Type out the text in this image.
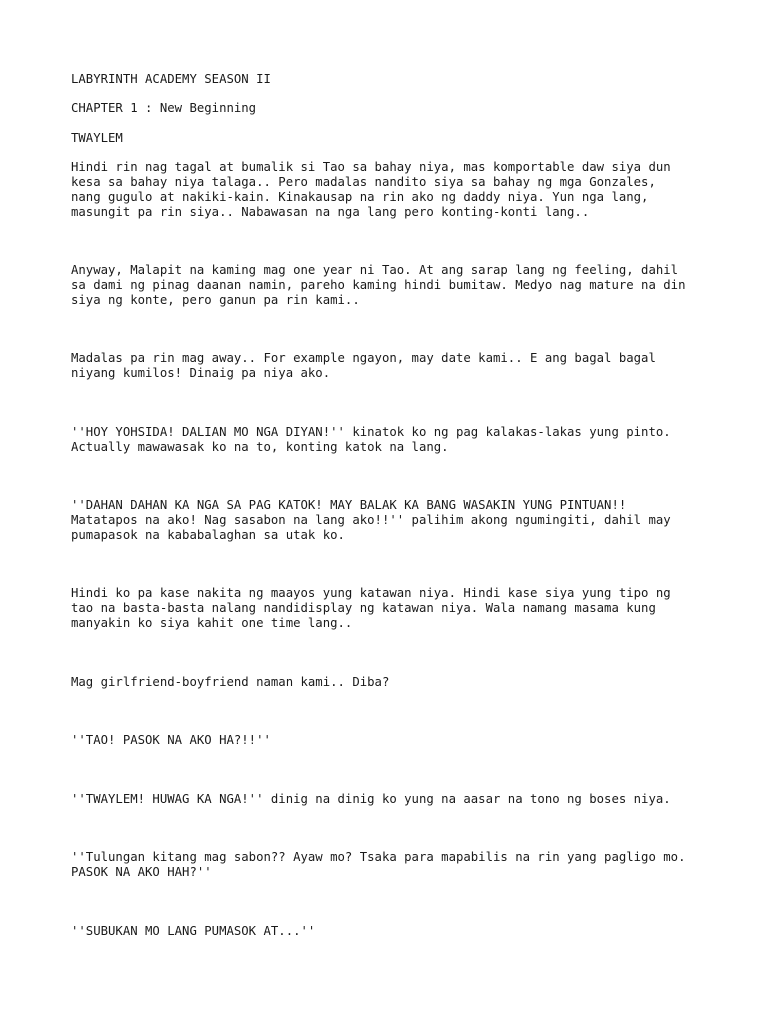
LABYRINTH ACADEMY SEASON II

CHAPTER 1 : New Beginning

TWAYLEM

Hindi rin nag tagal at bumalik si Tao sa bahay niya, mas komportable daw siya dun
kesa sa bahay niya talaga.. Pero madalas nandito siya sa bahay ng mga Gonzales,
nang gugulo at nakiki-kain. Kinakausap na rin ako ng daddy niya. Yun nga lang,
masungit pa rin siya.. Nabawasan na nga lang pero konting-konti lang..

Anyway, Malapit na kaming mag one year ni Tao. At ang sarap lang ng feeling, dahil
sa dami ng pinag daanan namin, pareho kaming hindi bumitaw. Medyo nag mature na din
siya ng konte, pero ganun pa rin kami..

Madalas pa rin mag away.. For example ngayon, may date kami.. E ang bagal bagal
niyang kumilos! Dinaig pa niya ako.

''HOY YOHSIDA! DALIAN MO NGA DIYAN!'' kinatok ko ng pag kalakas-lakas yung pinto.
Actually mawawasak ko na to, konting katok na lang.

''DAHAN DAHAN KA NGA SA PAG KATOK! MAY BALAK KA BANG WASAKIN YUNG PINTUAN!!
Matatapos na ako! Nag sasabon na lang ako!!'' palihim akong ngumingiti, dahil may
pumapasok na kababalaghan sa utak ko.

Hindi ko pa kase nakita ng maayos yung katawan niya. Hindi kase siya yung tipo ng
tao na basta-basta nalang nandidisplay ng katawan niya. Wala namang masama kung
manyakin ko siya kahit one time lang..

Mag girlfriend-boyfriend naman kami.. Diba?

''TAO! PASOK NA AKO HA?!!''

''TWAYLEM! HUWAG KA NGA!'' dinig na dinig ko yung na aasar na tono ng boses niya.

''Tulungan kitang mag sabon?? Ayaw mo? Tsaka para mapabilis na rin yang pagligo mo.
PASOK NA AKO HAH?''

''SUBUKAN MO LANG PUMASOK AT...''
